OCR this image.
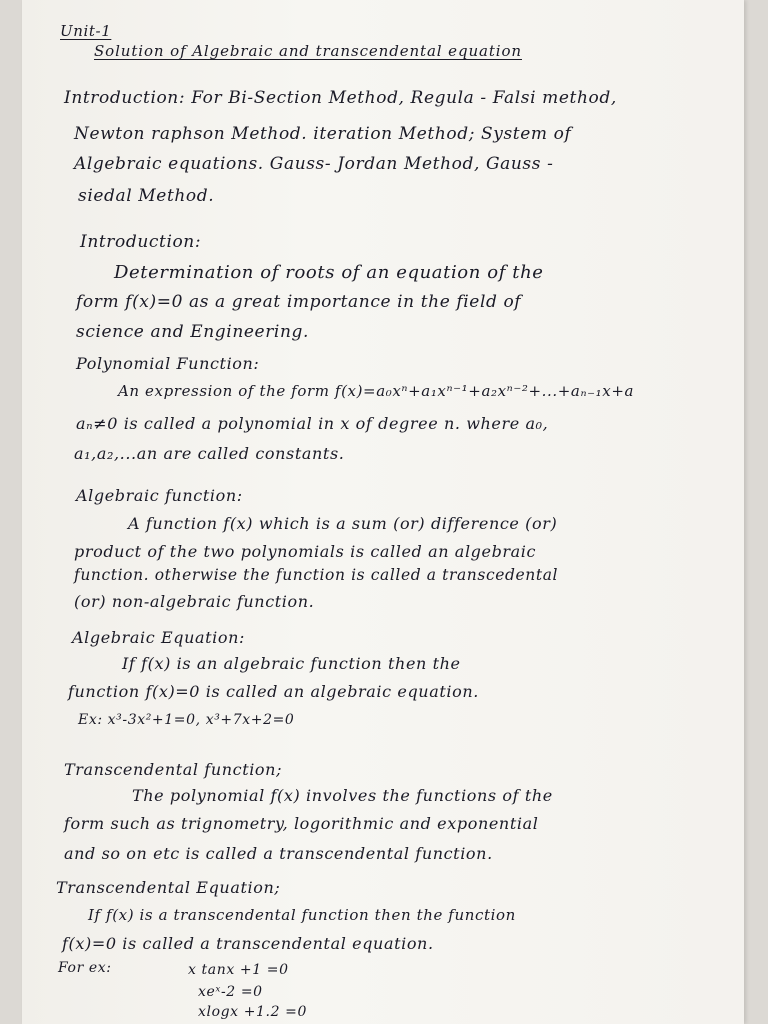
Unit-1
Solution of Algebraic and transcendental equation
Introduction: For Bi-Section Method, Regula - Falsi method,
Newton raphson Method. iteration Method; System of
Algebraic equations. Gauss- Jordan Method, Gauss -
siedal Method.
Introduction:
Determination of roots of an equation of the
form f(x)=0 as a great importance in the field of
science and Engineering.
Polynomial Function:
An expression of the form f(x)=a₀xⁿ+a₁xⁿ⁻¹+a₂xⁿ⁻²+...+aₙ₋₁x+a
aₙ≠0 is called a polynomial in x of degree n. where a₀,
a₁,a₂,...an are called constants.
Algebraic function:
A function f(x) which is a sum (or) difference (or)
product of the two polynomials is called an algebraic
function. otherwise the function is called a transcedental
(or) non-algebraic function.
Algebraic Equation:
If f(x) is an algebraic function then the
function f(x)=0 is called an algebraic equation.
Ex: x³-3x²+1=0, x³+7x+2=0
Transcendental function;
The polynomial f(x) involves the functions of the
form such as trignometry, logorithmic and exponential
and so on etc is called a transcendental function.
Transcendental Equation;
If f(x) is a transcendental function then the function
f(x)=0 is called a transcendental equation.
For ex:	x tanx +1 =0
xeˣ-2 =0
xlogx +1.2 =0
